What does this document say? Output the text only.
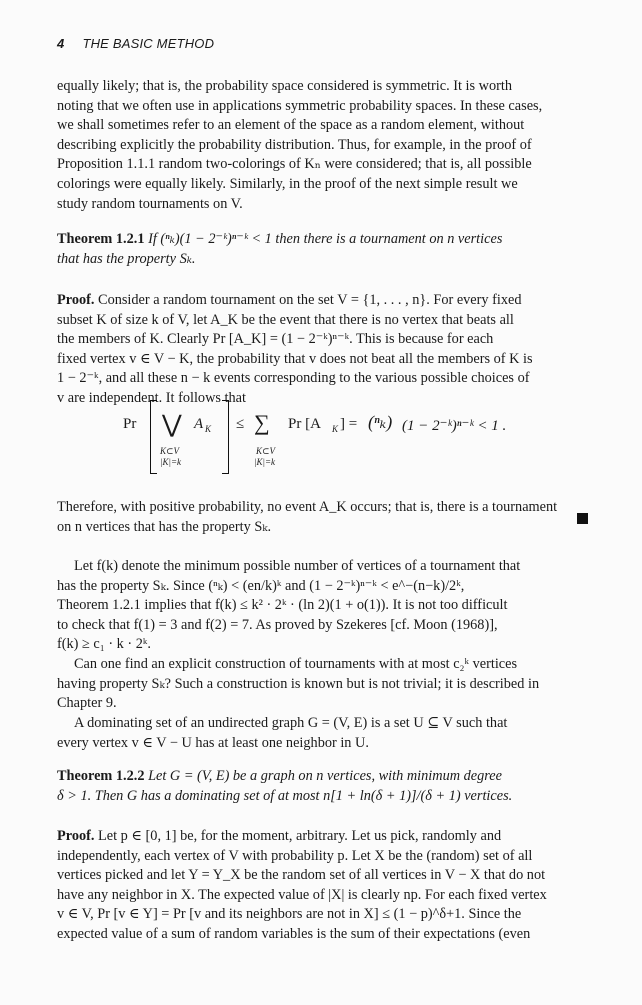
4 THE BASIC METHOD
equally likely; that is, the probability space considered is symmetric. It is worth
noting that we often use in applications symmetric probability spaces. In these cases,
we shall sometimes refer to an element of the space as a random element, without
describing explicitly the probability distribution. Thus, for example, in the proof of
Proposition 1.1.1 random two-colorings of Kₙ were considered; that is, all possible
colorings were equally likely. Similarly, in the proof of the next simple result we
study random tournaments on V.
Theorem 1.2.1 If (ⁿₖ)(1 − 2⁻ᵏ)ⁿ⁻ᵏ < 1 then there is a tournament on n vertices
that has the property Sₖ.
Proof. Consider a random tournament on the set V = {1, . . . , n}. For every fixed
subset K of size k of V, let A_K be the event that there is no vertex that beats all
the members of K. Clearly Pr [A_K] = (1 − 2⁻ᵏ)ⁿ⁻ᵏ. This is because for each
fixed vertex v ∈ V − K, the probability that v does not beat all the members of K is
1 − 2⁻ᵏ, and all these n − k events corresponding to the various possible choices of
v are independent. It follows that
Pr ⋁ A K
K⊂V
|K|=k
≤ ∑
K⊂V
|K|=k
Pr [A K ] = (ⁿₖ) (1 − 2⁻ᵏ)ⁿ⁻ᵏ < 1 .
Therefore, with positive probability, no event A_K occurs; that is, there is a tournament
on n vertices that has the property Sₖ.
Let f(k) denote the minimum possible number of vertices of a tournament that
has the property Sₖ. Since (ⁿₖ) < (en/k)ᵏ and (1 − 2⁻ᵏ)ⁿ⁻ᵏ < e^−(n−k)/2ᵏ,
Theorem 1.2.1 implies that f(k) ≤ k² · 2ᵏ · (ln 2)(1 + o(1)). It is not too difficult
to check that f(1) = 3 and f(2) = 7. As proved by Szekeres [cf. Moon (1968)],
f(k) ≥ c₁ · k · 2ᵏ.
Can one find an explicit construction of tournaments with at most c₂ᵏ vertices
having property Sₖ? Such a construction is known but is not trivial; it is described in
Chapter 9.
A dominating set of an undirected graph G = (V, E) is a set U ⊆ V such that
every vertex v ∈ V − U has at least one neighbor in U.
Theorem 1.2.2 Let G = (V, E) be a graph on n vertices, with minimum degree
δ > 1. Then G has a dominating set of at most n[1 + ln(δ + 1)]/(δ + 1) vertices.
Proof. Let p ∈ [0, 1] be, for the moment, arbitrary. Let us pick, randomly and
independently, each vertex of V with probability p. Let X be the (random) set of all
vertices picked and let Y = Y_X be the random set of all vertices in V − X that do not
have any neighbor in X. The expected value of |X| is clearly np. For each fixed vertex
v ∈ V, Pr [v ∈ Y] = Pr [v and its neighbors are not in X] ≤ (1 − p)^δ+1. Since the
expected value of a sum of random variables is the sum of their expectations (even
